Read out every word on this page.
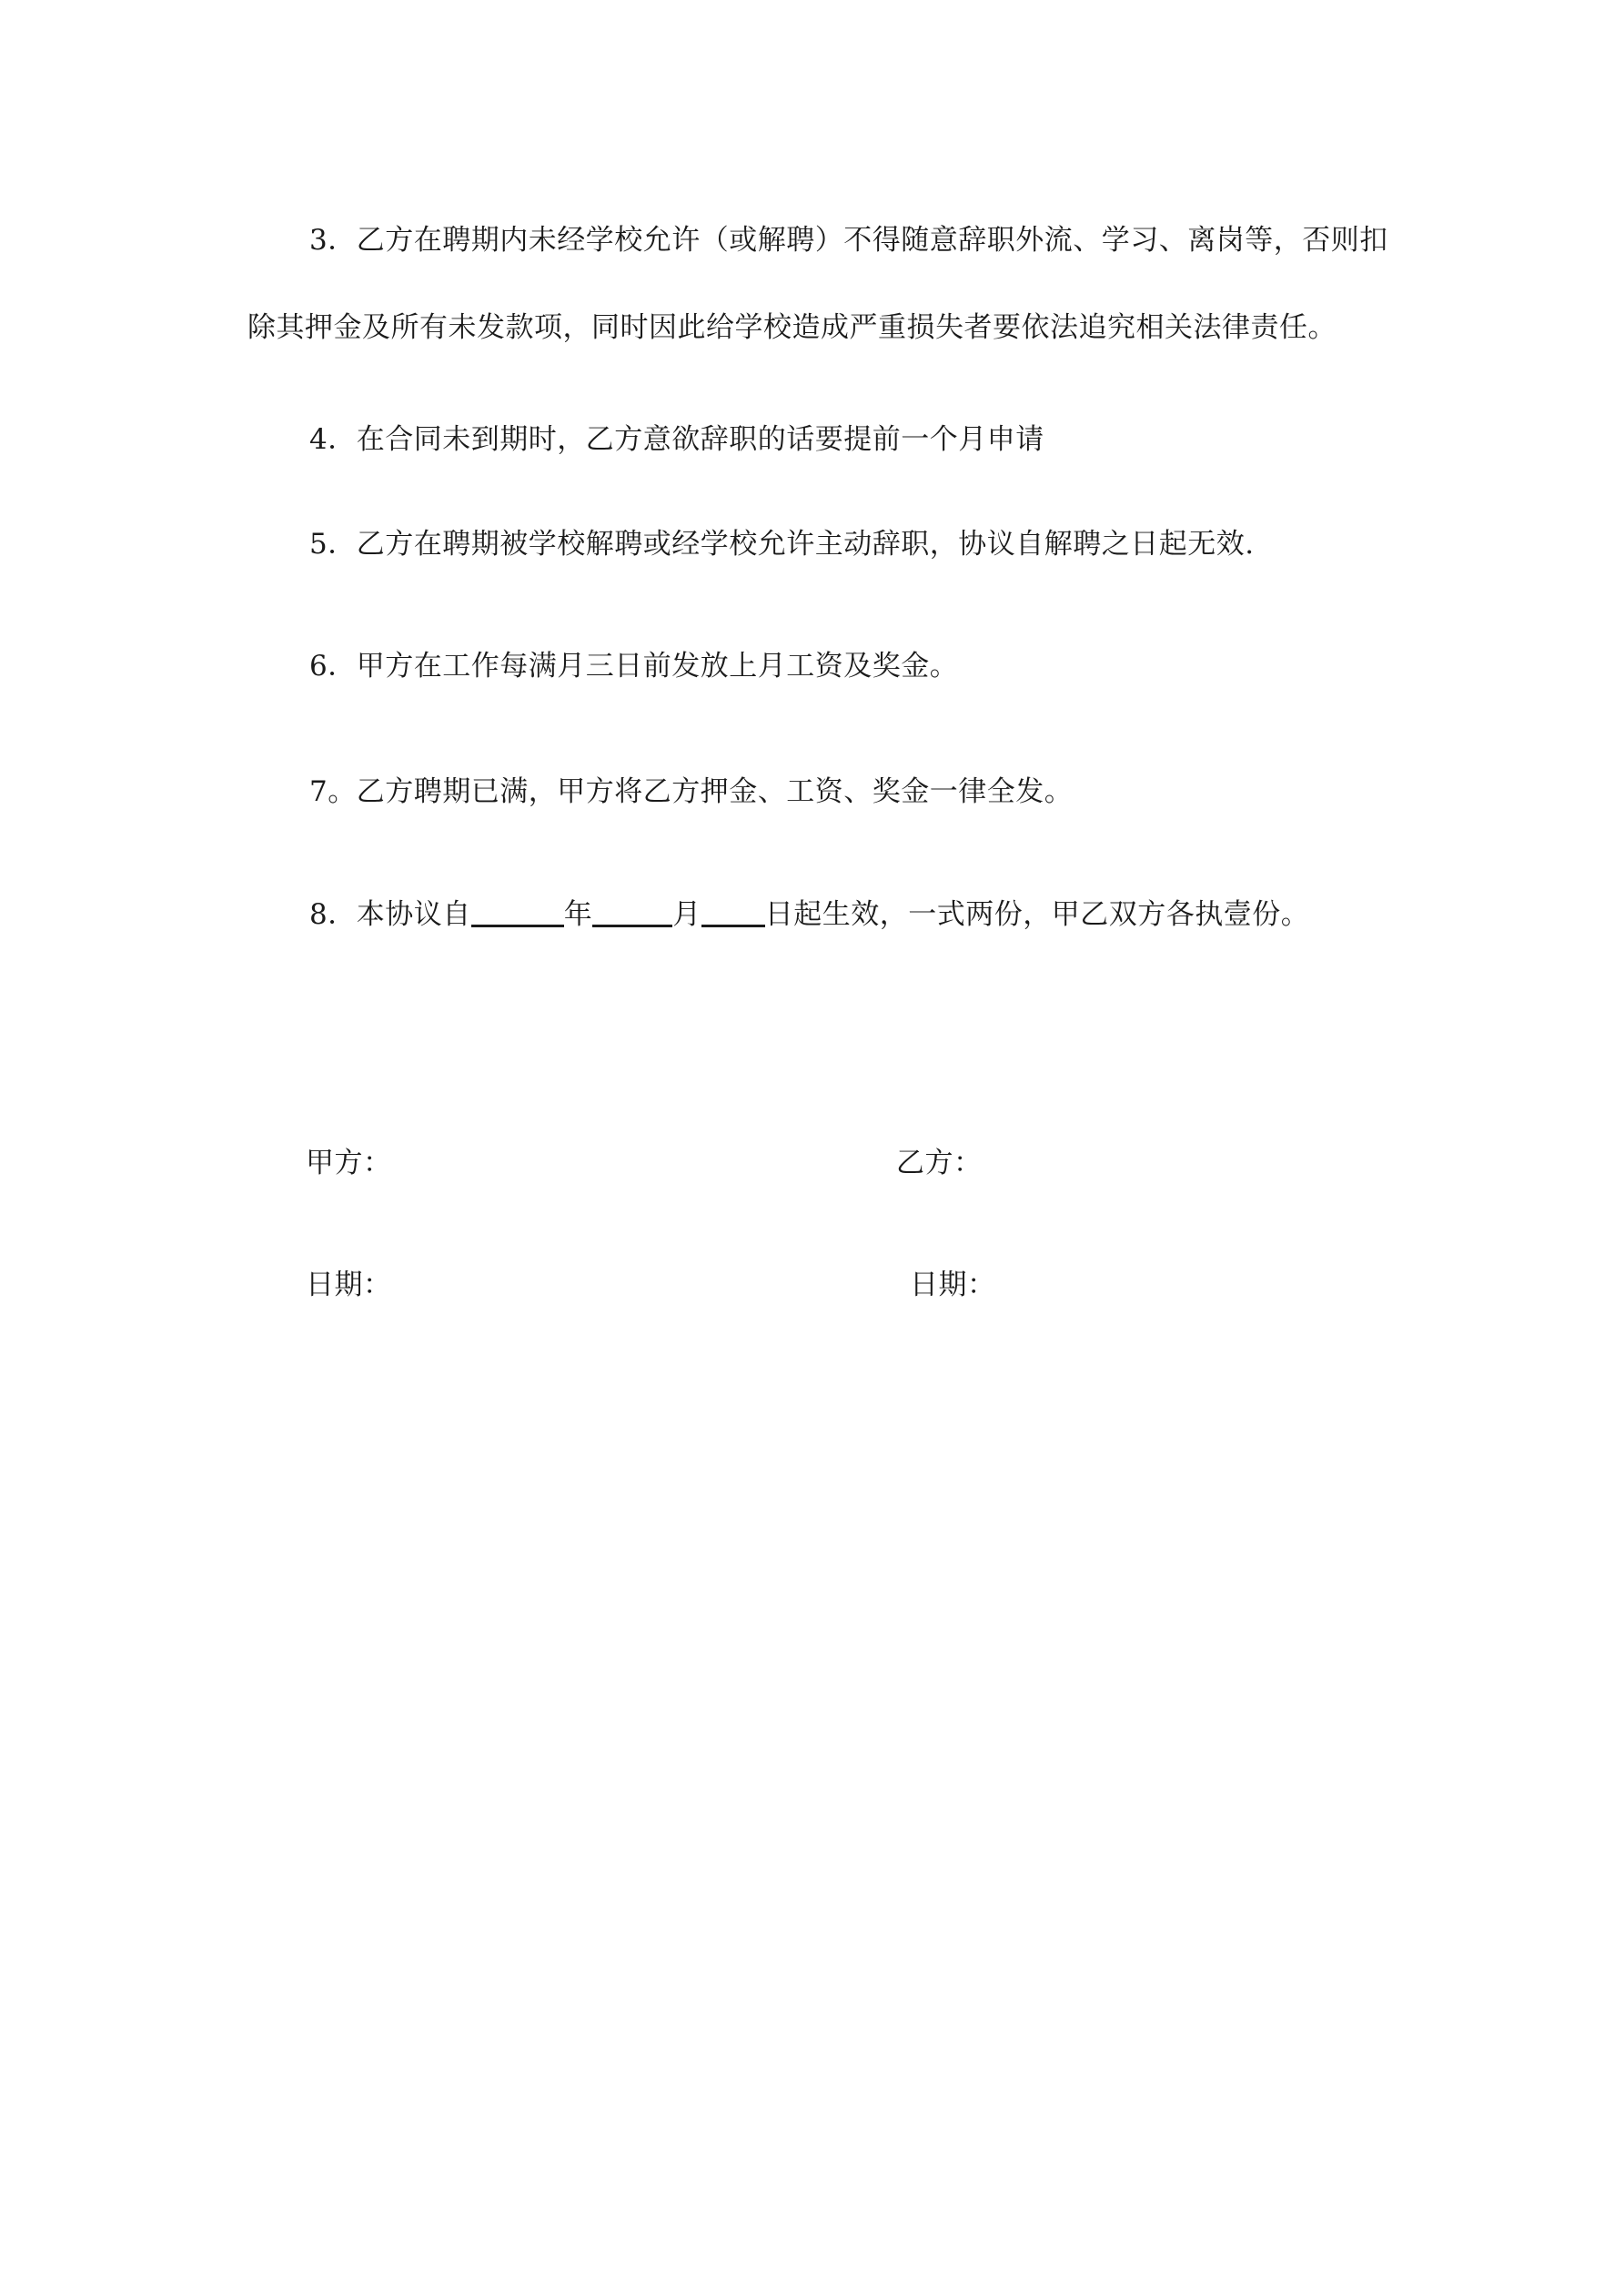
3．乙方在聘期内未经学校允许（或解聘）不得随意辞职外流、学习、离岗等，否则扣
除其押金及所有未发款项，同时因此给学校造成严重损失者要依法追究相关法律责任。
4．在合同未到期时，乙方意欲辞职的话要提前一个月申请
5．乙方在聘期被学校解聘或经学校允许主动辞职，协议自解聘之日起无效.
6．甲方在工作每满月三日前发放上月工资及奖金。
7。乙方聘期已满，甲方将乙方押金、工资、奖金一律全发。
8．本协议自	年	月 日起生效，一式两份，甲乙双方各执壹份。
甲方：	乙方：
日期：	日期：
